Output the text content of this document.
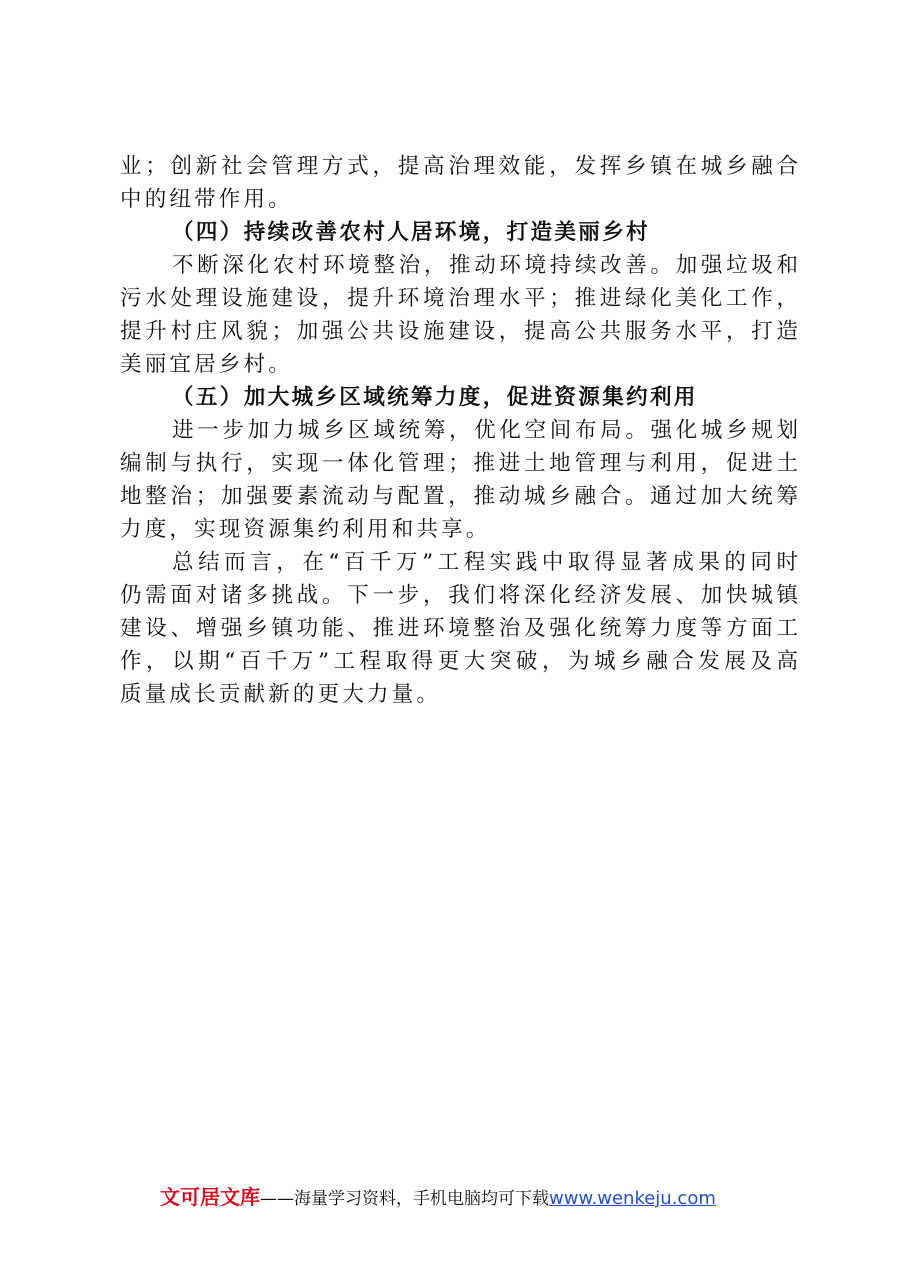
业；创新社会管理方式，提高治理效能，发挥乡镇在城乡融合
中的纽带作用。
（四）持续改善农村人居环境，打造美丽乡村
不断深化农村环境整治，推动环境持续改善。加强垃圾和
污水处理设施建设，提升环境治理水平；推进绿化美化工作，
提升村庄风貌；加强公共设施建设，提高公共服务水平，打造
美丽宜居乡村。
（五）加大城乡区域统筹力度，促进资源集约利用
进一步加力城乡区域统筹，优化空间布局。强化城乡规划
编制与执行，实现一体化管理；推进土地管理与利用，促进土
地整治；加强要素流动与配置，推动城乡融合。通过加大统筹
力度，实现资源集约利用和共享。
总结而言，在“百千万”工程实践中取得显著成果的同时
仍需面对诸多挑战。下一步，我们将深化经济发展、加快城镇
建设、增强乡镇功能、推进环境整治及强化统筹力度等方面工
作，以期“百千万”工程取得更大突破，为城乡融合发展及高
质量成长贡献新的更大力量。
文可居文库——海量学习资料，手机电脑均可下载www.wenkeju.com
